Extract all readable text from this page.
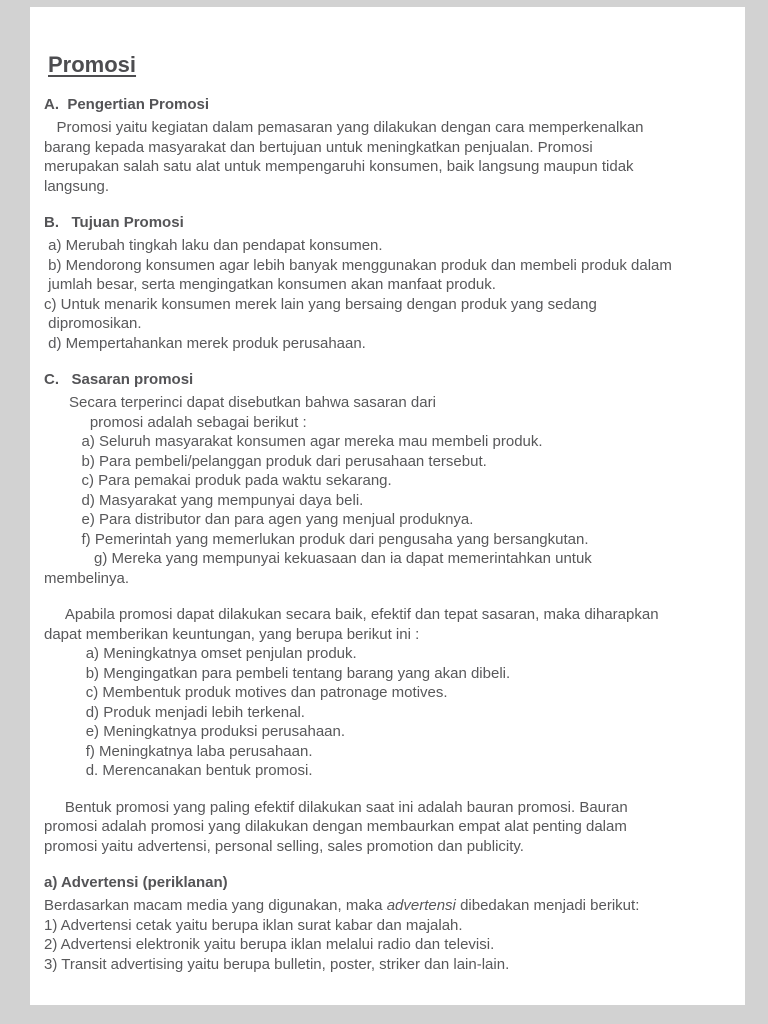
Promosi
A.  Pengertian Promosi
Promosi yaitu kegiatan dalam pemasaran yang dilakukan dengan cara memperkenalkan
barang kepada masyarakat dan bertujuan untuk meningkatkan penjualan. Promosi
merupakan salah satu alat untuk mempengaruhi konsumen, baik langsung maupun tidak
langsung.
B.   Tujuan Promosi
a) Merubah tingkah laku dan pendapat konsumen.
b) Mendorong konsumen agar lebih banyak menggunakan produk dan membeli produk dalam
jumlah besar, serta mengingatkan konsumen akan manfaat produk.
c) Untuk menarik konsumen merek lain yang bersaing dengan produk yang sedang
dipromosikan.
d) Mempertahankan merek produk perusahaan.
C.   Sasaran promosi
Secara terperinci dapat disebutkan bahwa sasaran dari
promosi adalah sebagai berikut :
a) Seluruh masyarakat konsumen agar mereka mau membeli produk.
b) Para pembeli/pelanggan produk dari perusahaan tersebut.
c) Para pemakai produk pada waktu sekarang.
d) Masyarakat yang mempunyai daya beli.
e) Para distributor dan para agen yang menjual produknya.
f) Pemerintah yang memerlukan produk dari pengusaha yang bersangkutan.
g) Mereka yang mempunyai kekuasaan dan ia dapat memerintahkan untuk
membelinya.
Apabila promosi dapat dilakukan secara baik, efektif dan tepat sasaran, maka diharapkan
dapat memberikan keuntungan, yang berupa berikut ini :
a) Meningkatnya omset penjulan produk.
b) Mengingatkan para pembeli tentang barang yang akan dibeli.
c) Membentuk produk motives dan patronage motives.
d) Produk menjadi lebih terkenal.
e) Meningkatnya produksi perusahaan.
f) Meningkatnya laba perusahaan.
d. Merencanakan bentuk promosi.
Bentuk promosi yang paling efektif dilakukan saat ini adalah bauran promosi. Bauran
promosi adalah promosi yang dilakukan dengan membaurkan empat alat penting dalam
promosi yaitu advertensi, personal selling, sales promotion dan publicity.
a) Advertensi (periklanan)
Berdasarkan macam media yang digunakan, maka advertensi dibedakan menjadi berikut:
1) Advertensi cetak yaitu berupa iklan surat kabar dan majalah.
2) Advertensi elektronik yaitu berupa iklan melalui radio dan televisi.
3) Transit advertising yaitu berupa bulletin, poster, striker dan lain-lain.
